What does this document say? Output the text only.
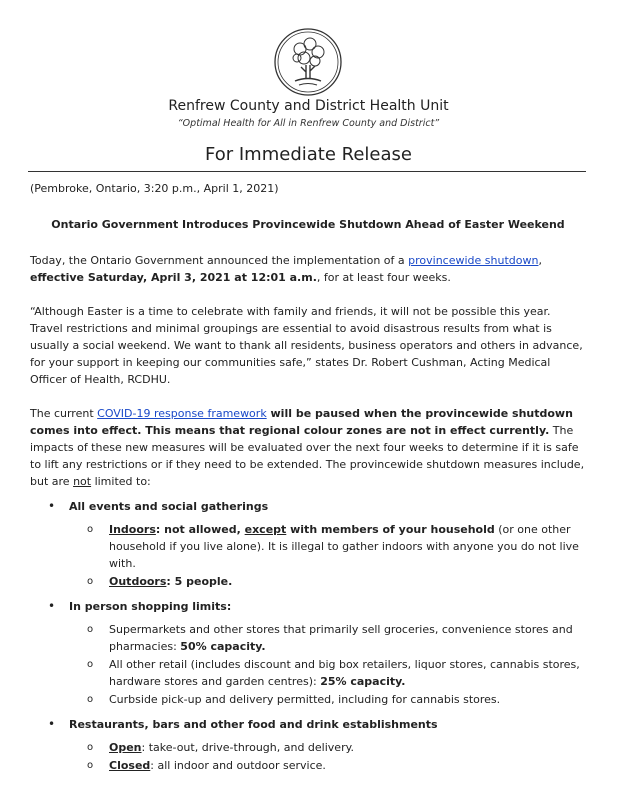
Renfrew County and District Health Unit
“Optimal Health for All in Renfrew County and District”
For Immediate Release

(Pembroke, Ontario, 3:20 p.m., April 1, 2021)

Ontario Government Introduces Provincewide Shutdown Ahead of Easter Weekend

Today, the Ontario Government announced the implementation of a provincewide shutdown, effective Saturday, April 3, 2021 at 12:01 a.m., for at least four weeks.

“Although Easter is a time to celebrate with family and friends, it will not be possible this year. Travel restrictions and minimal groupings are essential to avoid disastrous results from what is usually a social weekend. We want to thank all residents, business operators and others in advance, for your support in keeping our communities safe,” states Dr. Robert Cushman, Acting Medical Officer of Health, RCDHU.

The current COVID-19 response framework will be paused when the provincewide shutdown comes into effect. This means that regional colour zones are not in effect currently. The impacts of these new measures will be evaluated over the next four weeks to determine if it is safe to lift any restrictions or if they need to be extended. The provincewide shutdown measures include, but are not limited to:

• All events and social gatherings
o Indoors: not allowed, except with members of your household (or one other household if you live alone). It is illegal to gather indoors with anyone you do not live with.
o Outdoors: 5 people.
• In person shopping limits:
o Supermarkets and other stores that primarily sell groceries, convenience stores and pharmacies: 50% capacity.
o All other retail (includes discount and big box retailers, liquor stores, cannabis stores, hardware stores and garden centres): 25% capacity.
o Curbside pick-up and delivery permitted, including for cannabis stores.
• Restaurants, bars and other food and drink establishments
o Open: take-out, drive-through, and delivery.
o Closed: all indoor and outdoor service.
